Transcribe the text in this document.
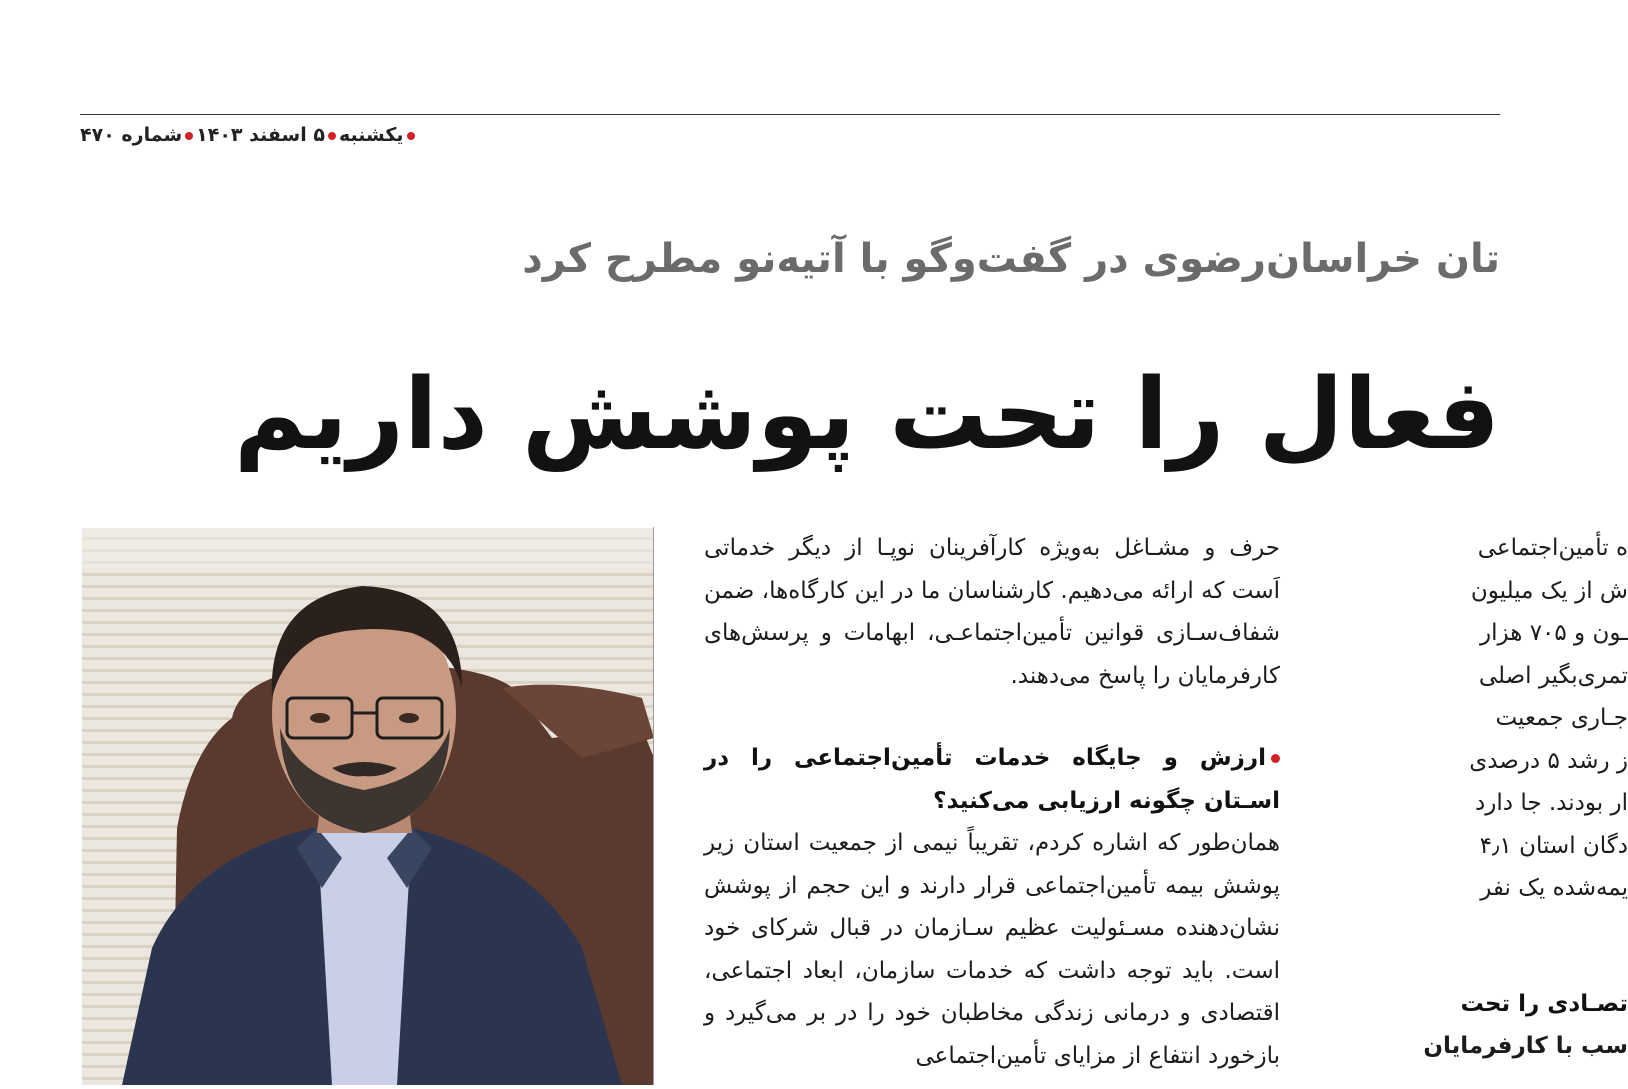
یکشنبه۵ اسفند ۱۴۰۳شماره ۴۷۰
تان خراسان‌رضوی در گفت‌وگو با آتیه‌نو مطرح کرد
فعال را تحت پوشش داریم

حرف و مشـاغل به‌ویژه کارآفرینان نوپـا از دیگر خدماتی اَست که ارائه می‌دهیم. کارشناسان ما در این کارگاه‌ها، ضمن شفاف‌سـازی قوانین تأمین‌اجتماعـی، ابهامات و پرسش‌های کارفرمایان را پاسخ می‌دهند.

ارزش و جایگاه خدمات تأمین‌اجتماعی را در اسـتان چگونه ارزیابی می‌کنید؟

همان‌طور که اشاره کردم، تقریباً نیمی از جمعیت استان زیر پوشش بیمه تأمین‌اجتماعی قرار دارند و این حجم از پوشش نشان‌دهنده مسـئولیت عظیم سـازمان در قبال شرکای خود است. باید توجه داشت که خدمات سازمان، ابعاد اجتماعی، اقتصادی و درمانی زندگی مخاطبان خود را در بر می‌گیرد و بازخورد انتفاع از مزایای تأمین‌اجتماعی

ه تأمین‌اجتماعی

ش از یک میلیون

ـون و ۷۰۵ هزار

تمری‌بگیر اصلی

جـاری جمعیت

ز رشد ۵ درصدی

ار بودند. جا دارد

دگان استان ۴٫۱

یمه‌شده یک نفر

تصـادی را تحت

سب با کارفرمایان
